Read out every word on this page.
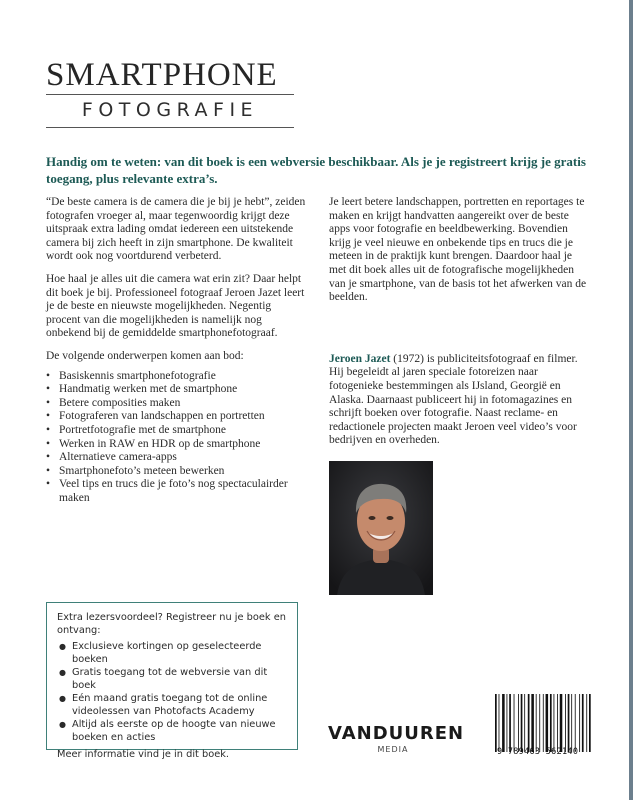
SMARTPHONE
FOTOGRAFIE
Handig om te weten: van dit boek is een webversie beschikbaar. Als je je registreert krijg je gratis toegang, plus relevante extra’s.

“De beste camera is de camera die je bij je hebt”, zeiden fotografen vroeger al, maar tegenwoordig krijgt deze uitspraak extra lading omdat iedereen een uitstekende camera bij zich heeft in zijn smartphone. De kwaliteit wordt ook nog voortdurend verbeterd.

Hoe haal je alles uit die camera wat erin zit? Daar helpt dit boek je bij. Professioneel fotograaf Jeroen Jazet leert je de beste en nieuwste mogelijkheden. Negentig procent van die mogelijkheden is namelijk nog onbekend bij de gemiddelde smartphonefotograaf.

De volgende onderwerpen komen aan bod:

• Basiskennis smartphonefotografie
• Handmatig werken met de smartphone
• Betere composities maken
• Fotograferen van landschappen en portretten
• Portretfotografie met de smartphone
• Werken in RAW en HDR op de smartphone
• Alternatieve camera-apps
• Smartphonefoto’s meteen bewerken
• Veel tips en trucs die je foto’s nog spectaculairder maken

Je leert betere landschappen, portretten en reportages te maken en krijgt handvatten aangereikt over de beste apps voor fotografie en beeldbewerking. Bovendien krijg je veel nieuwe en onbekende tips en trucs die je meteen in de praktijk kunt brengen. Daardoor haal je met dit boek alles uit de fotografische mogelijkheden van je smartphone, van de basis tot het afwerken van de beelden.

Jeroen Jazet (1972) is publiciteitsfotograaf en filmer. Hij begeleidt al jaren speciale fotoreizen naar fotogenieke bestemmingen als IJsland, Georgië en Alaska. Daarnaast publiceert hij in fotomagazines en schrijft boeken over fotografie. Naast reclame- en redactionele projecten maakt Jeroen veel video’s voor bedrijven en overheden.

Extra lezersvoordeel? Registreer nu je boek en ontvang:
● Exclusieve kortingen op geselecteerde boeken
● Gratis toegang tot de webversie van dit boek
● Eén maand gratis toegang tot de online videolessen van Photofacts Academy
● Altijd als eerste op de hoogte van nieuwe boeken en acties
Meer informatie vind je in dit boek.
VANDUUREN
MEDIA	9 789463 562140
